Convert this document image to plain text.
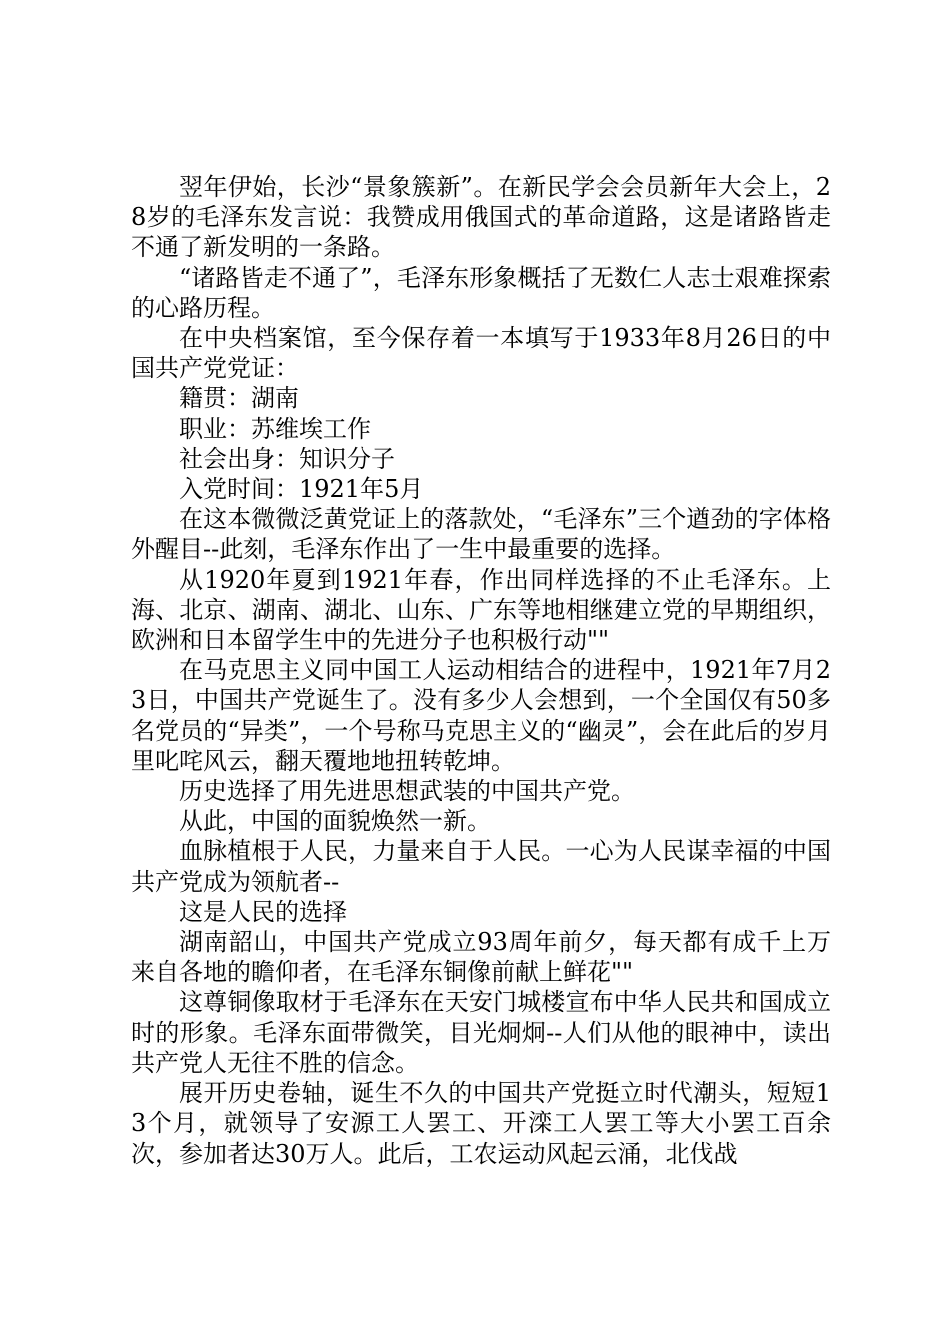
翌年伊始，长沙“景象簇新”。在新民学会会员新年大会上，28岁的毛泽东发言说：我赞成用俄国式的革命道路，这是诸路皆走不通了新发明的一条路。

“诸路皆走不通了”，毛泽东形象概括了无数仁人志士艰难探索的心路历程。

在中央档案馆，至今保存着一本填写于1933年8月26日的中国共产党党证：

籍贯：湖南

职业：苏维埃工作

社会出身：知识分子

入党时间：1921年5月

在这本微微泛黄党证上的落款处，“毛泽东”三个遒劲的字体格外醒目--此刻，毛泽东作出了一生中最重要的选择。

从1920年夏到1921年春，作出同样选择的不止毛泽东。上海、北京、湖南、湖北、山东、广东等地相继建立党的早期组织，欧洲和日本留学生中的先进分子也积极行动""

在马克思主义同中国工人运动相结合的进程中，1921年7月23日，中国共产党诞生了。没有多少人会想到，一个全国仅有50多名党员的“异类”，一个号称马克思主义的“幽灵”，会在此后的岁月里叱咤风云，翻天覆地地扭转乾坤。

历史选择了用先进思想武装的中国共产党。

从此，中国的面貌焕然一新。

血脉植根于人民，力量来自于人民。一心为人民谋幸福的中国共产党成为领航者--

这是人民的选择

湖南韶山，中国共产党成立93周年前夕，每天都有成千上万来自各地的瞻仰者，在毛泽东铜像前献上鲜花""

这尊铜像取材于毛泽东在天安门城楼宣布中华人民共和国成立时的形象。毛泽东面带微笑，目光炯炯--人们从他的眼神中，读出共产党人无往不胜的信念。

展开历史卷轴，诞生不久的中国共产党挺立时代潮头，短短13个月，就领导了安源工人罢工、开滦工人罢工等大小罢工百余次，参加者达30万人。此后，工农运动风起云涌，北伐战
